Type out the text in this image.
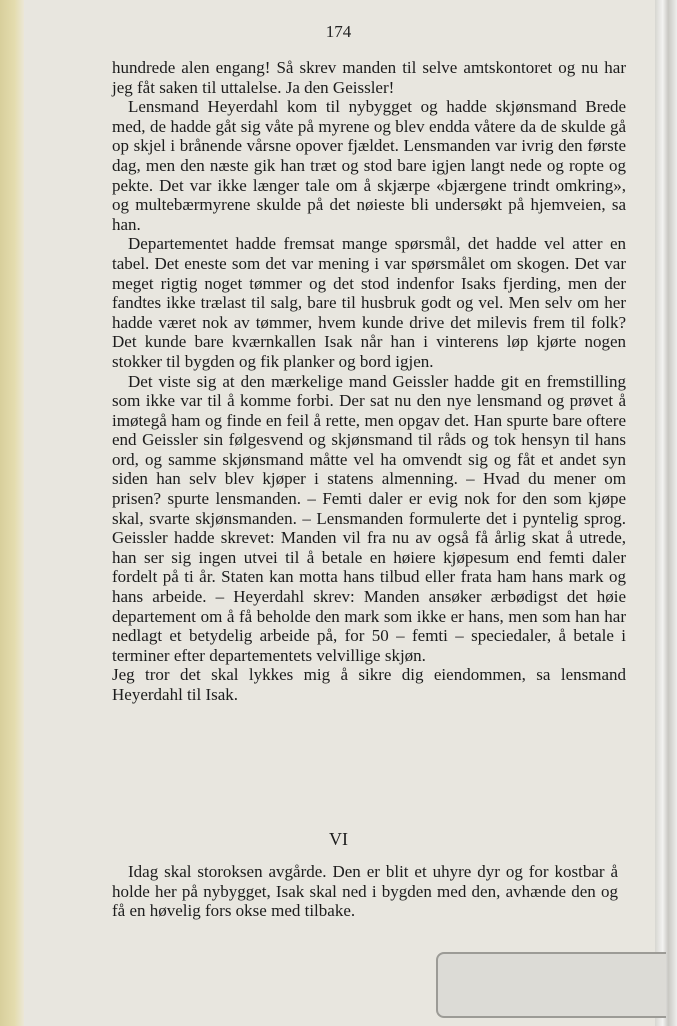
174

hundrede alen engang! Så skrev manden til selve amtskontoret og nu har jeg fåt saken til uttalelse. Ja den Geissler!

Lensmand Heyerdahl kom til nybygget og hadde skjønsmand Brede med, de hadde gåt sig våte på myrene og blev endda våtere da de skulde gå op skjel i brånende vårsne opover fjældet. Lensmanden var ivrig den første dag, men den næste gik han træt og stod bare igjen langt nede og ropte og pekte. Det var ikke længer tale om å skjærpe «bjærgene trindt omkring», og multebærmyrene skulde på det nøieste bli undersøkt på hjemveien, sa han.

Departementet hadde fremsat mange spørsmål, det hadde vel atter en tabel. Det eneste som det var mening i var spørsmålet om skogen. Det var meget rigtig noget tømmer og det stod indenfor Isaks fjerding, men der fandtes ikke trælast til salg, bare til husbruk godt og vel. Men selv om her hadde været nok av tømmer, hvem kunde drive det milevis frem til folk? Det kunde bare kværnkallen Isak når han i vinterens løp kjørte nogen stokker til bygden og fik planker og bord igjen.

Det viste sig at den mærkelige mand Geissler hadde git en fremstilling som ikke var til å komme forbi. Der sat nu den nye lensmand og prøvet å imøtegå ham og finde en feil å rette, men opgav det. Han spurte bare oftere end Geissler sin følgesvend og skjønsmand til råds og tok hensyn til hans ord, og samme skjønsmand måtte vel ha omvendt sig og fåt et andet syn siden han selv blev kjøper i statens almenning. – Hvad du mener om prisen? spurte lensmanden. – Femti daler er evig nok for den som kjøpe skal, svarte skjønsmanden. – Lensmanden formulerte det i pyntelig sprog. Geissler hadde skrevet: Manden vil fra nu av også få årlig skat å utrede, han ser sig ingen utvei til å betale en høiere kjøpesum end femti daler fordelt på ti år. Staten kan motta hans tilbud eller frata ham hans mark og hans arbeide. – Heyerdahl skrev: Manden ansøker ærbødigst det høie departement om å få beholde den mark som ikke er hans, men som han har nedlagt et betydelig arbeide på, for 50 – femti – speciedaler, å betale i terminer efter departementets velvillige skjøn.

Jeg tror det skal lykkes mig å sikre dig eiendommen, sa lensmand Heyerdahl til Isak.

VI

Idag skal storoksen avgårde. Den er blit et uhyre dyr og for kostbar å holde her på nybygget, Isak skal ned i bygden med den, avhænde den og få en høvelig fors okse med tilbake.
